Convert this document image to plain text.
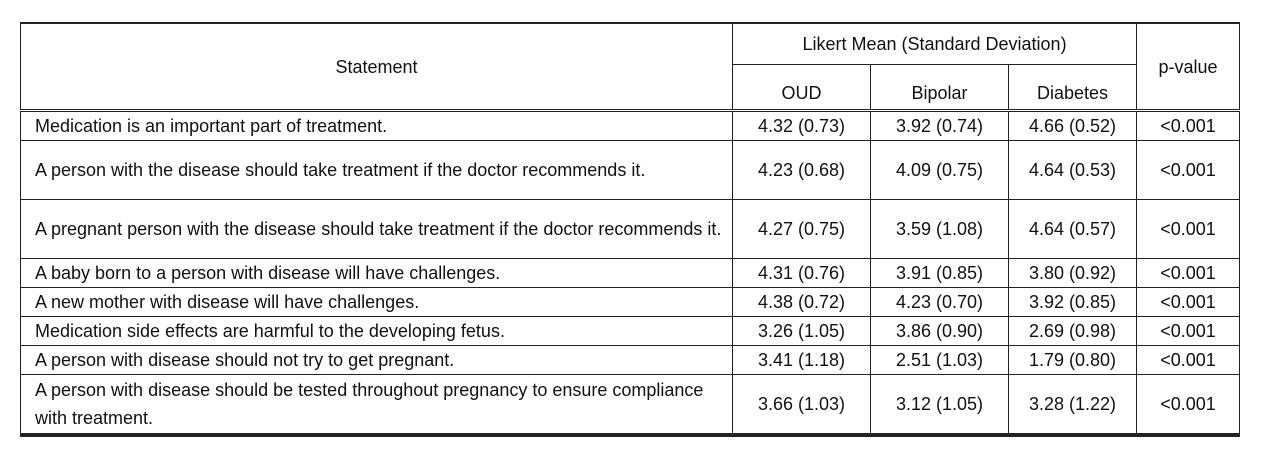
Statement	Likert Mean (Standard Deviation)			p-value
	OUD	Bipolar	Diabetes	
Medication is an important part of treatment.	4.32 (0.73)	3.92 (0.74)	4.66 (0.52)	<0.001
A person with the disease should take treatment if the doctor recommends it.	4.23 (0.68)	4.09 (0.75)	4.64 (0.53)	<0.001
A pregnant person with the disease should take treatment if the doctor recommends it.	4.27 (0.75)	3.59 (1.08)	4.64 (0.57)	<0.001
A baby born to a person with disease will have challenges.	4.31 (0.76)	3.91 (0.85)	3.80 (0.92)	<0.001
A new mother with disease will have challenges.	4.38 (0.72)	4.23 (0.70)	3.92 (0.85)	<0.001
Medication side effects are harmful to the developing fetus.	3.26 (1.05)	3.86 (0.90)	2.69 (0.98)	<0.001
A person with disease should not try to get pregnant.	3.41 (1.18)	2.51 (1.03)	1.79 (0.80)	<0.001
A person with disease should be tested throughout pregnancy to ensure compliance with treatment.	3.66 (1.03)	3.12 (1.05)	3.28 (1.22)	<0.001
